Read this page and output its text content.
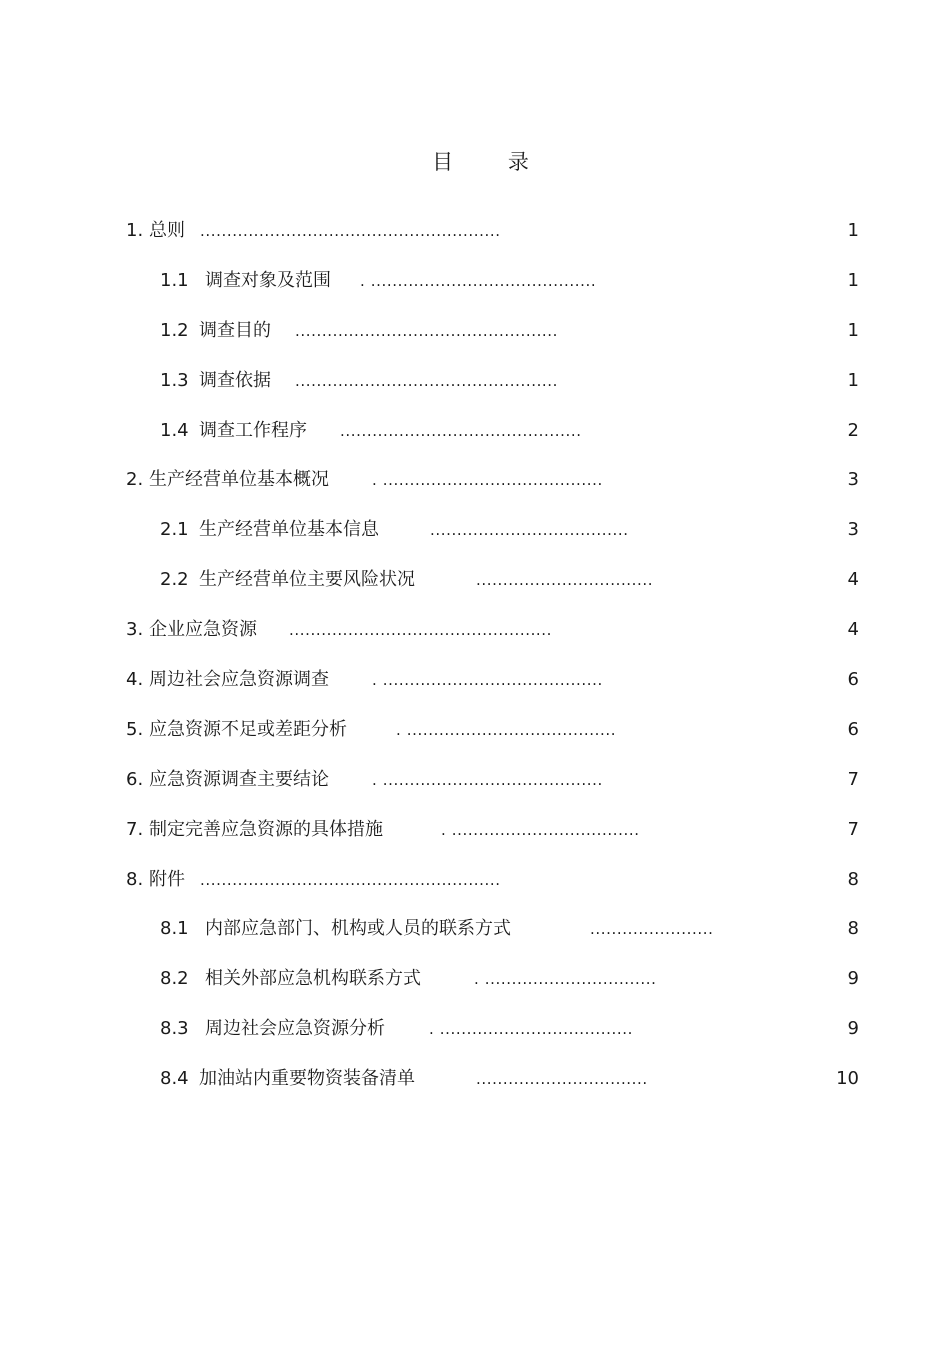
目 录
1. 总则 ........................................................	1
1.1 调查对象及范围 . ..........................................	1
1.2 调查目的 .................................................	1
1.3 调查依据 .................................................	1
1.4 调查工作程序 .............................................	2
2. 生产经营单位基本概况	. .........................................	3
2.1 生产经营单位基本信息	.....................................	3
2.2 生产经营单位主要风险状况	.................................	4
3. 企业应急资源 .................................................	4
4. 周边社会应急资源调查	. .........................................	6
5. 应急资源不足或差距分析	. .......................................	6
6. 应急资源调查主要结论	. .........................................	7
7. 制定完善应急资源的具体措施	. ...................................	7
8. 附件 ........................................................	8
8.1 内部应急部门、机构或人员的联系方式	.......................	8
8.2 相关外部应急机构联系方式	. ................................	9
8.3 周边社会应急资源分析	. ....................................	9
8.4 加油站内重要物资装备清单	................................	10
